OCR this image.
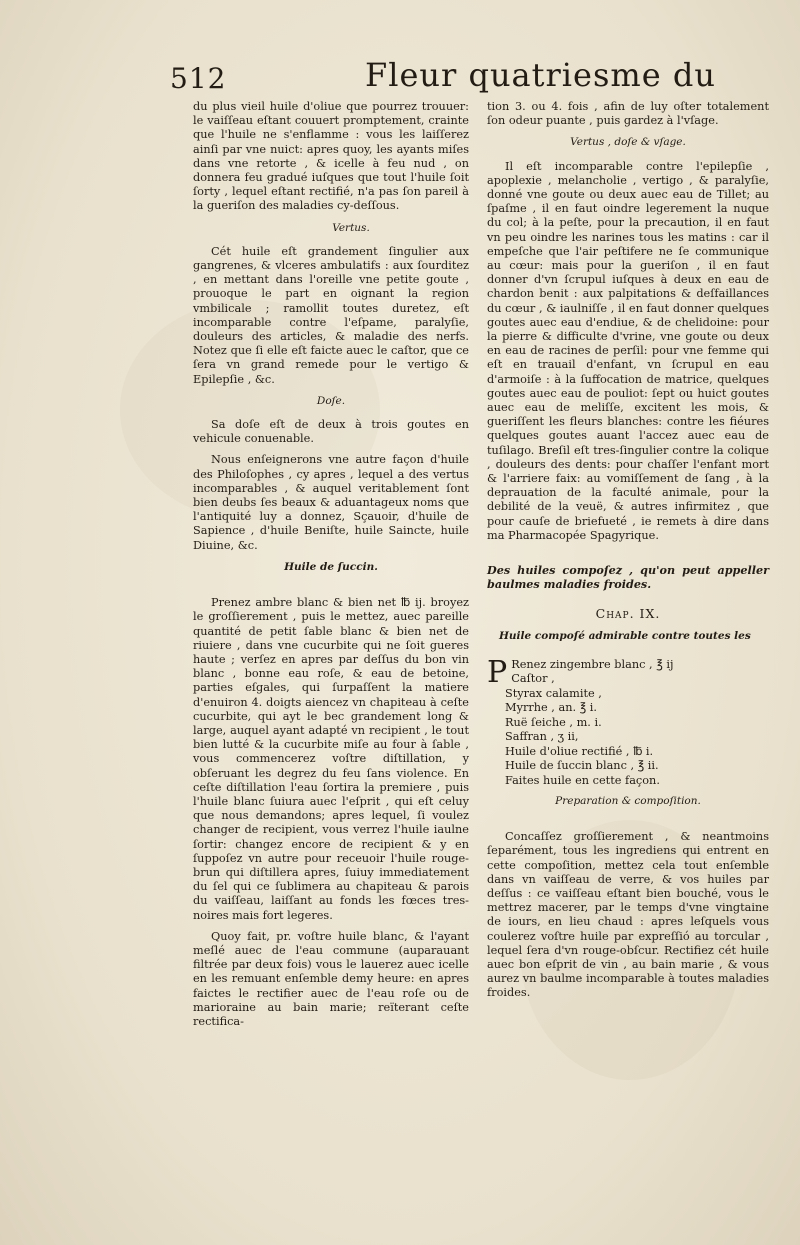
512	Fleur quatriesme du

du plus vieil huile d'oliue que pourrez trouuer: le vaiſſeau eſtant couuert promptement, crainte que l'huile ne s'enflamme : vous les laiſſerez ainſi par vne nuict: apres quoy, les ayants miſes dans vne retorte , & icelle à feu nud , on donnera feu gradué iuſques que tout l'huile ſoit ſorty , lequel eſtant rectifié, n'a pas ſon pareil à la gueriſon des maladies cy-deſſous.

Vertus.

Cét huile eſt grandement ſingulier aux gangrenes, & vlceres ambulatifs : aux ſourditez , en mettant dans l'oreille vne petite goute , prouoque le part en oignant la region vmbilicale ; ramollit toutes duretez, eſt incomparable contre l'eſpame, paralyſie, douleurs des articles, & maladie des nerfs. Notez que ſi elle eſt faicte auec le caſtor, que ce ſera vn grand remede pour le vertigo & Epilepſie , &c.

Doſe.

Sa doſe eſt de deux à trois goutes en vehicule conuenable.

Nous enſeignerons vne autre façon d'huile des Philoſophes , cy apres , lequel a des vertus incomparables , & auquel veritablement ſont bien deubs ſes beaux & aduantageux noms que l'antiquité luy a donnez, Sçauoir, d'huile de Sapience , d'huile Beniſte, huile Saincte, huile Diuine, &c.

Huile de ſuccin.

Prenez ambre blanc & bien net ℔ ij. broyez le groſſierement , puis le mettez, auec pareille quantité de petit ſable blanc & bien net de riuiere , dans vne cucurbite qui ne ſoit gueres haute ; verſez en apres par deſſus du bon vin blanc , bonne eau roſe, & eau de betoine, parties eſgales, qui ſurpaſſent la matiere d'enuiron 4. doigts aiencez vn chapiteau à ceſte cucurbite, qui ayt le bec grandement long & large, auquel ayant adapté vn recipient , le tout bien lutté & la cucurbite miſe au four à ſable , vous commencerez voſtre diſtillation, y obſeruant les degrez du feu ſans violence. En ceſte diſtillation l'eau ſortira la premiere , puis l'huile blanc ſuiura auec l'eſprit , qui eſt celuy que nous demandons; apres lequel, ſi voulez changer de recipient, vous verrez l'huile iaulne ſortir: changez encore de recipient & y en ſuppoſez vn autre pour receuoir l'huile rouge-brun qui diſtillera apres, ſuiuy immediatement du ſel qui ce ſublimera au chapiteau & parois du vaiſſeau, laiſſant au fonds les fœces tres-noires mais fort legeres.

Quoy fait, pr. voſtre huile blanc, & l'ayant meſlé auec de l'eau commune (auparauant filtrée par deux fois) vous le lauerez auec icelle en les remuant enſemble demy heure: en apres faictes le rectifier auec de l'eau roſe ou de marioraine au bain marie; reïterant ceſte rectifica-

tion 3. ou 4. fois , afin de luy oſter totalement ſon odeur puante , puis gardez à l'vſage.

Vertus , doſe & vſage.

Il eſt incomparable contre l'epilepſie , apoplexie , melancholie , vertigo , & paralyſie, donné vne goute ou deux auec eau de Tillet; au ſpaſme , il en faut oindre legerement la nuque du col; à la peſte, pour la precaution, il en faut vn peu oindre les narines tous les matins : car il empeſche que l'air peſtifere ne ſe communique au cœur: mais pour la gueriſon , il en faut donner d'vn ſcrupul iuſques à deux en eau de chardon benit : aux palpitations & deſfaillances du cœur , & iaulniſſe , il en faut donner quelques goutes auec eau d'endiue, & de chelidoine: pour la pierre & difficulte d'vrine, vne goute ou deux en eau de racines de perſil: pour vne femme qui eſt en trauail d'enfant, vn ſcrupul en eau d'armoiſe : à la ſuffocation de matrice, quelques goutes auec eau de pouliot: ſept ou huict goutes auec eau de meliſſe, excitent les mois, & gueriſſent les fleurs blanches: contre les fiéures quelques goutes auant l'accez auec eau de tuſilago. Breſil eſt tres-ſingulier contre la colique , douleurs des dents: pour chaſſer l'enfant mort & l'arriere faix: au vomiſſement de ſang , à la deprauation de la faculté animale, pour la debilité de la veuë, & autres infirmitez , que pour cauſe de briefueté , ie remets à dire dans ma Pharmacopée Spagyrique.

Des huiles compoſez , qu'on peut appeller baulmes maladies froides.
Chap. IX.
Huile compoſé admirable contre toutes les
P Renez zingembre blanc , ℥ ij
Caſtor ,
Styrax calamite ,
Myrrhe , an. ℥ i.
Ruë ſeiche , m. i.
Saffran , ʒ ii,
Huile d'oliue rectifié , ℔ i.
Huile de ſuccin blanc , ℥ ii.
Faites huile en cette façon.
Preparation & compoſition.

Concaſſez groſſierement , & neantmoins ſeparément, tous les ingrediens qui entrent en cette compoſition, mettez cela tout enſemble dans vn vaiſſeau de verre, & vos huiles par deſſus : ce vaiſſeau eſtant bien bouché, vous le mettrez macerer, par le temps d'vne vingtaine de iours, en lieu chaud : apres leſquels vous coulerez voſtre huile par expreſſió au torcular , lequel ſera d'vn rouge-obſcur. Rectifiez cét huile auec bon eſprit de vin , au bain marie , & vous aurez vn baulme incomparable à toutes maladies froides.
